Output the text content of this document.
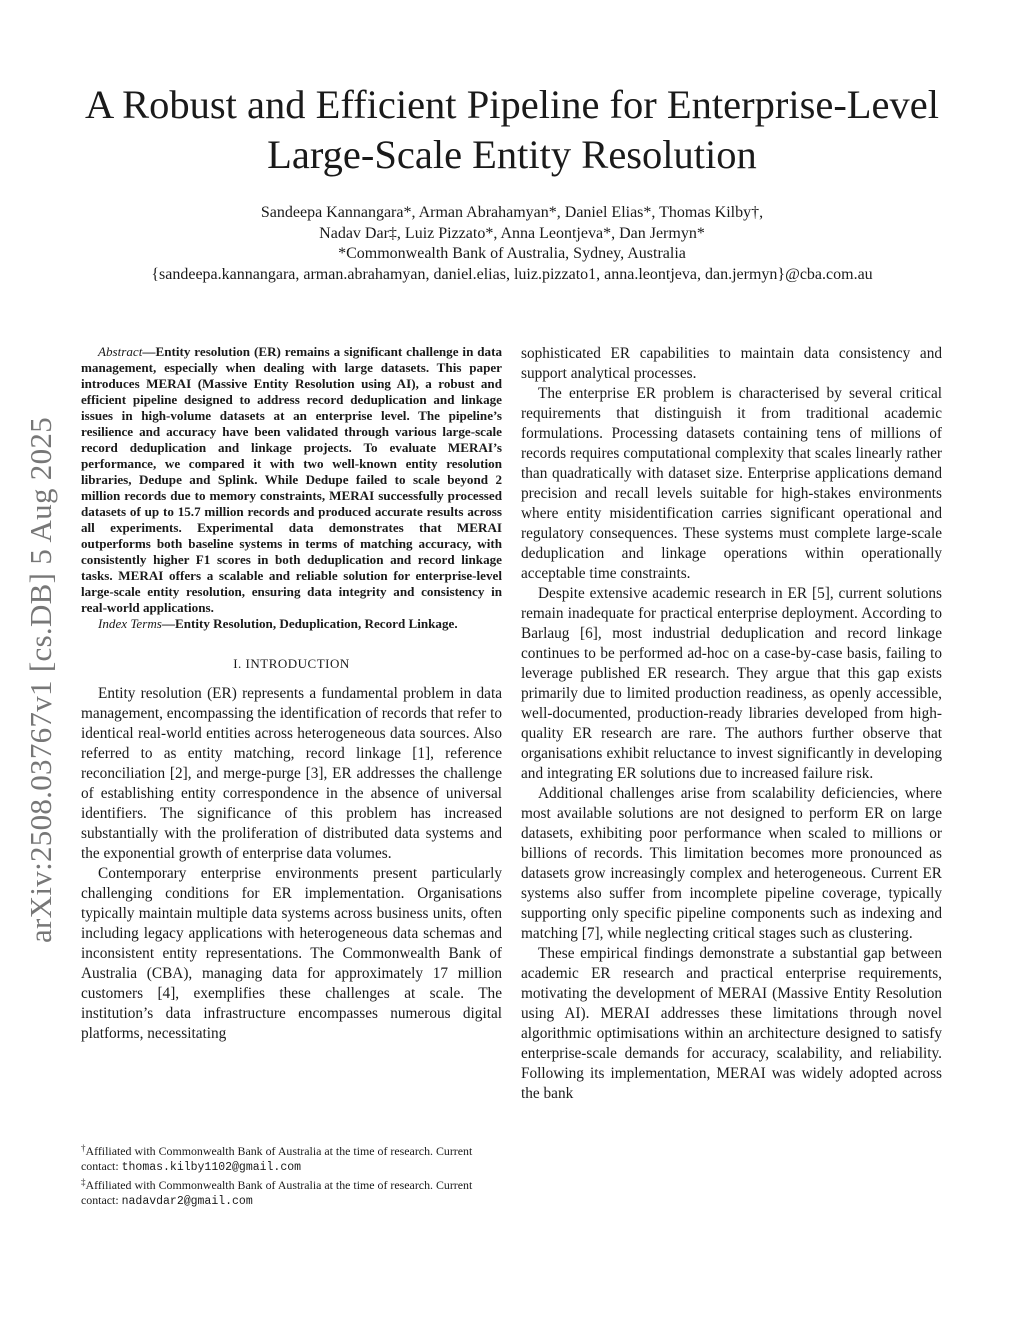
arXiv:2508.03767v1 [cs.DB] 5 Aug 2025
A Robust and Efficient Pipeline for Enterprise-Level Large-Scale Entity Resolution
Sandeepa Kannangara*, Arman Abrahamyan*, Daniel Elias*, Thomas Kilby†,
Nadav Dar‡, Luiz Pizzato*, Anna Leontjeva*, Dan Jermyn*
*Commonwealth Bank of Australia, Sydney, Australia
{sandeepa.kannangara, arman.abrahamyan, daniel.elias, luiz.pizzato1, anna.leontjeva, dan.jermyn}@cba.com.au

Abstract—Entity resolution (ER) remains a significant challenge in data management, especially when dealing with large datasets. This paper introduces MERAI (Massive Entity Resolution using AI), a robust and efficient pipeline designed to address record deduplication and linkage issues in high-volume datasets at an enterprise level. The pipeline’s resilience and accuracy have been validated through various large-scale record deduplication and linkage projects. To evaluate MERAI’s performance, we compared it with two well-known entity resolution libraries, Dedupe and Splink. While Dedupe failed to scale beyond 2 million records due to memory constraints, MERAI successfully processed datasets of up to 15.7 million records and produced accurate results across all experiments. Experimental data demonstrates that MERAI outperforms both baseline systems in terms of matching accuracy, with consistently higher F1 scores in both deduplication and record linkage tasks. MERAI offers a scalable and reliable solution for enterprise-level large-scale entity resolution, ensuring data integrity and consistency in real-world applications.

Index Terms—Entity Resolution, Deduplication, Record Linkage.

I. INTRODUCTION

Entity resolution (ER) represents a fundamental problem in data management, encompassing the identification of records that refer to identical real-world entities across heterogeneous data sources. Also referred to as entity matching, record linkage [1], reference reconciliation [2], and merge-purge [3], ER addresses the challenge of establishing entity correspondence in the absence of universal identifiers. The significance of this problem has increased substantially with the proliferation of distributed data systems and the exponential growth of enterprise data volumes.

Contemporary enterprise environments present particularly challenging conditions for ER implementation. Organisations typically maintain multiple data systems across business units, often including legacy applications with heterogeneous data schemas and inconsistent entity representations. The Commonwealth Bank of Australia (CBA), managing data for approximately 17 million customers [4], exemplifies these challenges at scale. The institution’s data infrastructure encompasses numerous digital platforms, necessitating

†Affiliated with Commonwealth Bank of Australia at the time of research. Current contact: thomas.kilby1102@gmail.com
‡Affiliated with Commonwealth Bank of Australia at the time of research. Current contact: nadavdar2@gmail.com

sophisticated ER capabilities to maintain data consistency and support analytical processes.

The enterprise ER problem is characterised by several critical requirements that distinguish it from traditional academic formulations. Processing datasets containing tens of millions of records requires computational complexity that scales linearly rather than quadratically with dataset size. Enterprise applications demand precision and recall levels suitable for high-stakes environments where entity misidentification carries significant operational and regulatory consequences. These systems must complete large-scale deduplication and linkage operations within operationally acceptable time constraints.

Despite extensive academic research in ER [5], current solutions remain inadequate for practical enterprise deployment. According to Barlaug [6], most industrial deduplication and record linkage continues to be performed ad-hoc on a case-by-case basis, failing to leverage published ER research. They argue that this gap exists primarily due to limited production readiness, as openly accessible, well-documented, production-ready libraries developed from high-quality ER research are rare. The authors further observe that organisations exhibit reluctance to invest significantly in developing and integrating ER solutions due to increased failure risk.

Additional challenges arise from scalability deficiencies, where most available solutions are not designed to perform ER on large datasets, exhibiting poor performance when scaled to millions or billions of records. This limitation becomes more pronounced as datasets grow increasingly complex and heterogeneous. Current ER systems also suffer from incomplete pipeline coverage, typically supporting only specific pipeline components such as indexing and matching [7], while neglecting critical stages such as clustering.

These empirical findings demonstrate a substantial gap between academic ER research and practical enterprise requirements, motivating the development of MERAI (Massive Entity Resolution using AI). MERAI addresses these limitations through novel algorithmic optimisations within an architecture designed to satisfy enterprise-scale demands for accuracy, scalability, and reliability. Following its implementation, MERAI was widely adopted across the bank
